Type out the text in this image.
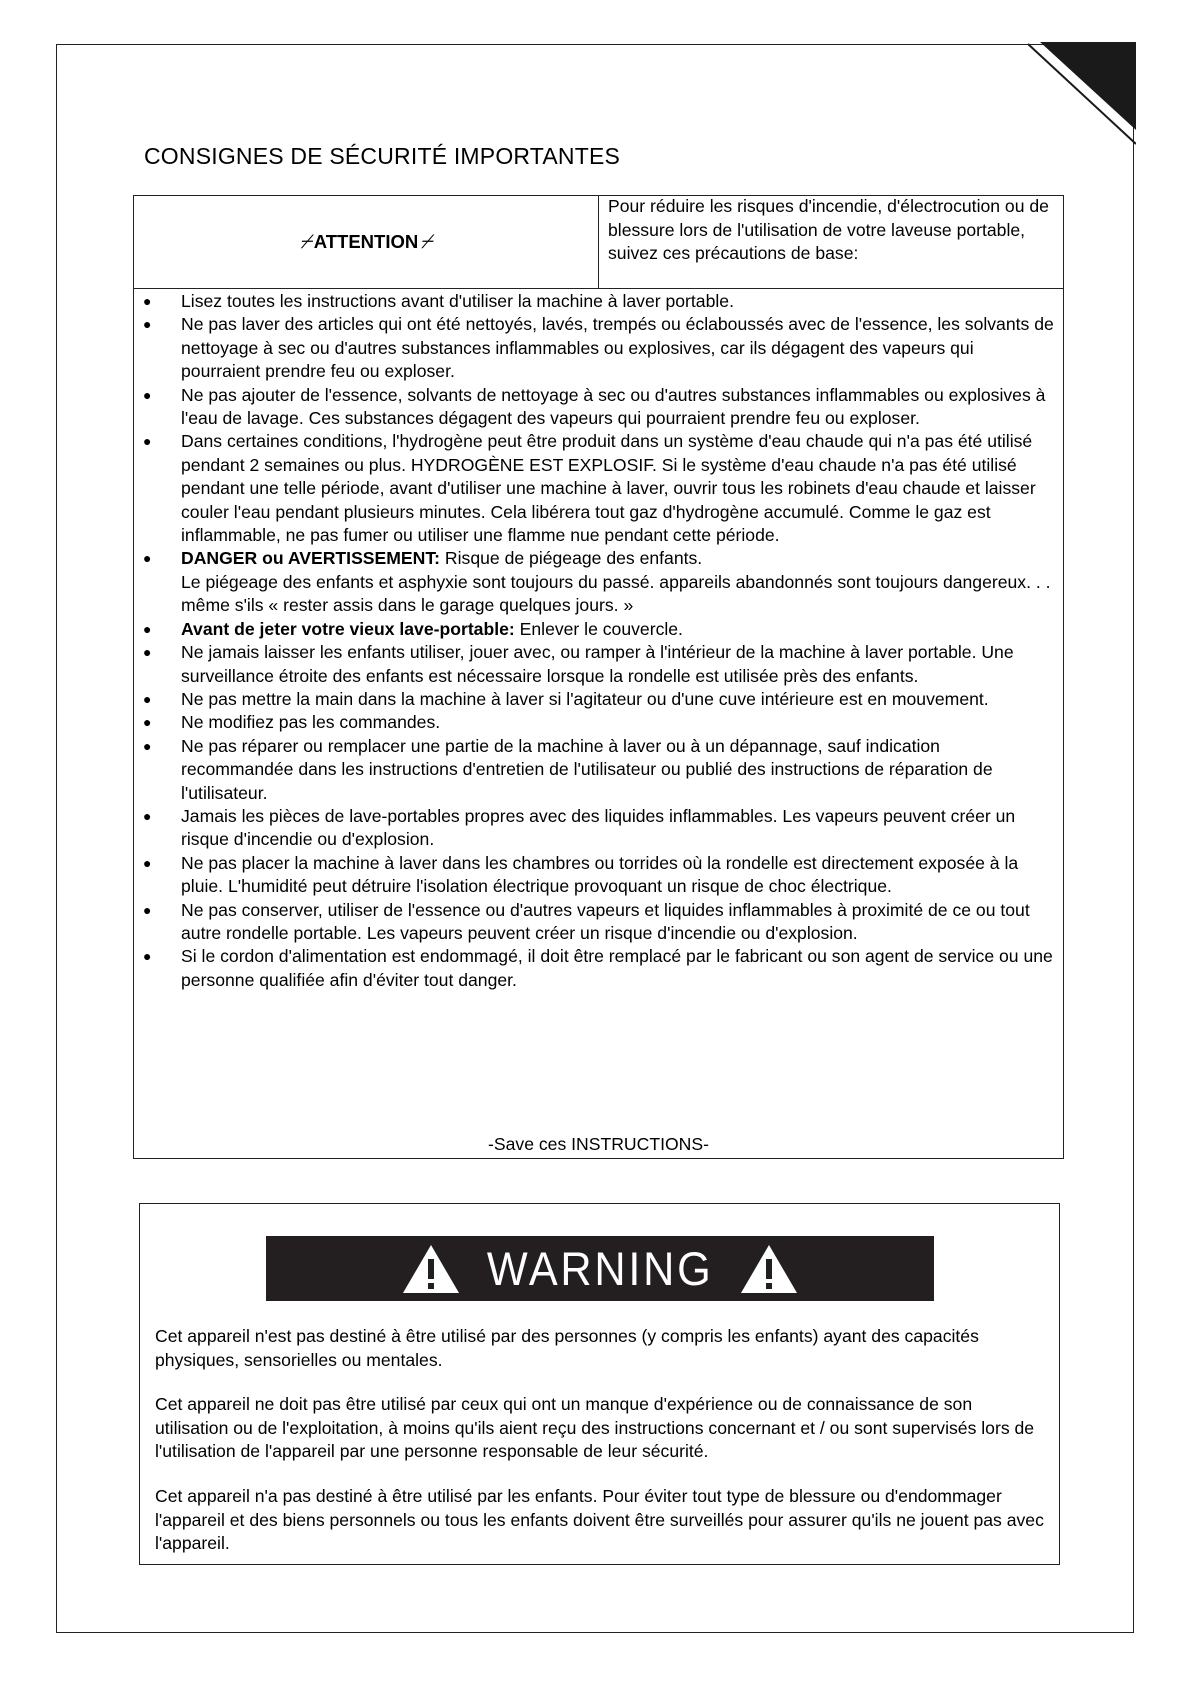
CONSIGNES DE SÉCURITÉ IMPORTANTES
⌿ ATTENTION ⌿
Pour réduire les risques d'incendie, d'électrocution ou de blessure lors de l'utilisation de votre laveuse portable, suivez ces précautions de base:
● Lisez toutes les instructions avant d'utiliser la machine à laver portable.
● Ne pas laver des articles qui ont été nettoyés, lavés, trempés ou éclaboussés avec de l'essence, les solvants de nettoyage à sec ou d'autres substances inflammables ou explosives, car ils dégagent des vapeurs qui pourraient prendre feu ou exploser.
● Ne pas ajouter de l'essence, solvants de nettoyage à sec ou d'autres substances inflammables ou explosives à l'eau de lavage. Ces substances dégagent des vapeurs qui pourraient prendre feu ou exploser.
● Dans certaines conditions, l'hydrogène peut être produit dans un système d'eau chaude qui n'a pas été utilisé pendant 2 semaines ou plus. HYDROGÈNE EST EXPLOSIF. Si le système d'eau chaude n'a pas été utilisé pendant une telle période, avant d'utiliser une machine à laver, ouvrir tous les robinets d'eau chaude et laisser couler l'eau pendant plusieurs minutes. Cela libérera tout gaz d'hydrogène accumulé. Comme le gaz est inflammable, ne pas fumer ou utiliser une flamme nue pendant cette période.
● DANGER ou AVERTISSEMENT: Risque de piégeage des enfants.
Le piégeage des enfants et asphyxie sont toujours du passé. appareils abandonnés sont toujours dangereux. . . même s'ils « rester assis dans le garage quelques jours. »
● Avant de jeter votre vieux lave-portable: Enlever le couvercle.
● Ne jamais laisser les enfants utiliser, jouer avec, ou ramper à l'intérieur de la machine à laver portable. Une surveillance étroite des enfants est nécessaire lorsque la rondelle est utilisée près des enfants.
● Ne pas mettre la main dans la machine à laver si l'agitateur ou d'une cuve intérieure est en mouvement.
● Ne modifiez pas les commandes.
● Ne pas réparer ou remplacer une partie de la machine à laver ou à un dépannage, sauf indication recommandée dans les instructions d'entretien de l'utilisateur ou publié des instructions de réparation de l'utilisateur.
● Jamais les pièces de lave-portables propres avec des liquides inflammables. Les vapeurs peuvent créer un risque d'incendie ou d'explosion.
● Ne pas placer la machine à laver dans les chambres ou torrides où la rondelle est directement exposée à la pluie. L'humidité peut détruire l'isolation électrique provoquant un risque de choc électrique.
● Ne pas conserver, utiliser de l'essence ou d'autres vapeurs et liquides inflammables à proximité de ce ou tout autre rondelle portable. Les vapeurs peuvent créer un risque d'incendie ou d'explosion.
● Si le cordon d'alimentation est endommagé, il doit être remplacé par le fabricant ou son agent de service ou une personne qualifiée afin d'éviter tout danger.
-Save ces INSTRUCTIONS-
WARNING
Cet appareil n'est pas destiné à être utilisé par des personnes (y compris les enfants) ayant des capacités physiques, sensorielles ou mentales.
Cet appareil ne doit pas être utilisé par ceux qui ont un manque d'expérience ou de connaissance de son utilisation ou de l'exploitation, à moins qu'ils aient reçu des instructions concernant et / ou sont supervisés lors de l'utilisation de l'appareil par une personne responsable de leur sécurité.
Cet appareil n'a pas destiné à être utilisé par les enfants. Pour éviter tout type de blessure ou d'endommager l'appareil et des biens personnels ou tous les enfants doivent être surveillés pour assurer qu'ils ne jouent pas avec l'appareil.
